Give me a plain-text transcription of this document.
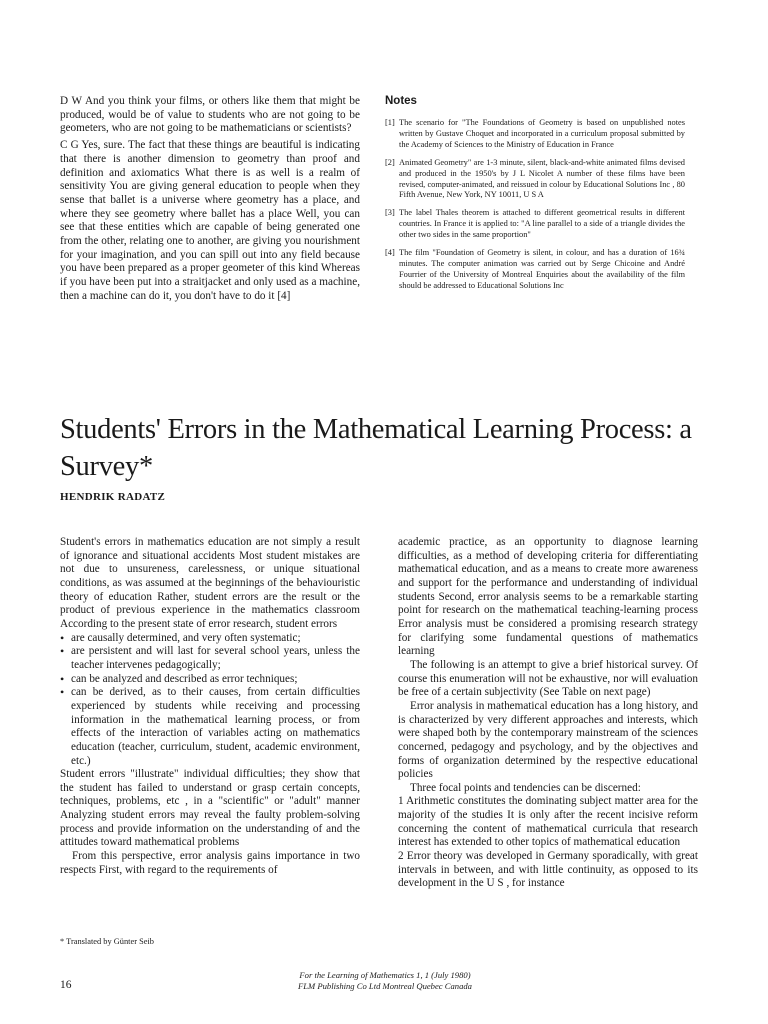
D W And you think your films, or others like them that might be produced, would be of value to students who are not going to be geometers, who are not going to be mathematicians or scientists?

C G Yes, sure. The fact that these things are beautiful is indicating that there is another dimension to geometry than proof and definition and axiomatics What there is as well is a realm of sensitivity You are giving general education to people when they sense that ballet is a universe where geometry has a place, and where they see geometry where ballet has a place Well, you can see that these entities which are capable of being generated one from the other, relating one to another, are giving you nourishment for your imagination, and you can spill out into any field because you have been prepared as a proper geometer of this kind Whereas if you have been put into a straitjacket and only used as a machine, then a machine can do it, you don't have to do it [4]

Notes
[1] The scenario for "The Foundations of Geometry is based on unpublished notes written by Gustave Choquet and incorporated in a curriculum proposal submitted by the Academy of Sciences to the Ministry of Education in France
[2] Animated Geometry" are 1-3 minute, silent, black-and-white animated films devised and produced in the 1950's by J L Nicolet A number of these films have been revised, computer-animated, and reissued in colour by Educational Solutions Inc , 80 Fifth Avenue, New York, NY 10011, U S A
[3] The label Thales theorem is attached to different geometrical results in different countries. In France it is applied to: "A line parallel to a side of a triangle divides the other two sides in the same proportion"
[4] The film "Foundation of Geometry is silent, in colour, and has a duration of 16¾ minutes. The computer animation was carried out by Serge Chicoine and André Fourrier of the University of Montreal Enquiries about the availability of the film should be addressed to Educational Solutions Inc
Students' Errors in the Mathematical Learning Process: a Survey*
HENDRIK RADATZ

Student's errors in mathematics education are not simply a result of ignorance and situational accidents Most student mistakes are not due to unsureness, carelessness, or unique situational conditions, as was assumed at the beginnings of the behaviouristic theory of education Rather, student errors are the result or the product of previous experience in the mathematics classroom According to the present state of error research, student errors

• are causally determined, and very often systematic;
• are persistent and will last for several school years, unless the teacher intervenes pedagogically;
• can be analyzed and described as error techniques;
• can be derived, as to their causes, from certain difficulties experienced by students while receiving and processing information in the mathematical learning process, or from effects of the interaction of variables acting on mathematics education (teacher, curriculum, student, academic environment, etc.)

Student errors "illustrate" individual difficulties; they show that the student has failed to understand or grasp certain concepts, techniques, problems, etc , in a "scientific" or "adult" manner Analyzing student errors may reveal the faulty problem-solving process and provide information on the understanding of and the attitudes toward mathematical problems

From this perspective, error analysis gains importance in two respects First, with regard to the requirements of

academic practice, as an opportunity to diagnose learning difficulties, as a method of developing criteria for differentiating mathematical education, and as a means to create more awareness and support for the performance and understanding of individual students Second, error analysis seems to be a remarkable starting point for research on the mathematical teaching-learning process Error analysis must be considered a promising research strategy for clarifying some fundamental questions of mathematics learning

The following is an attempt to give a brief historical survey. Of course this enumeration will not be exhaustive, nor will evaluation be free of a certain subjectivity (See Table on next page)

Error analysis in mathematical education has a long history, and is characterized by very different approaches and interests, which were shaped both by the contemporary mainstream of the sciences concerned, pedagogy and psychology, and by the objectives and forms of organization determined by the respective educational policies

Three focal points and tendencies can be discerned:

1 Arithmetic constitutes the dominating subject matter area for the majority of the studies It is only after the recent incisive reform concerning the content of mathematical curricula that research interest has extended to other topics of mathematical education

2 Error theory was developed in Germany sporadically, with great intervals in between, and with little continuity, as opposed to its development in the U S , for instance

* Translated by Günter Seib
16
For the Learning of Mathematics 1, 1 (July 1980)
FLM Publishing Co Ltd Montreal Quebec Canada
